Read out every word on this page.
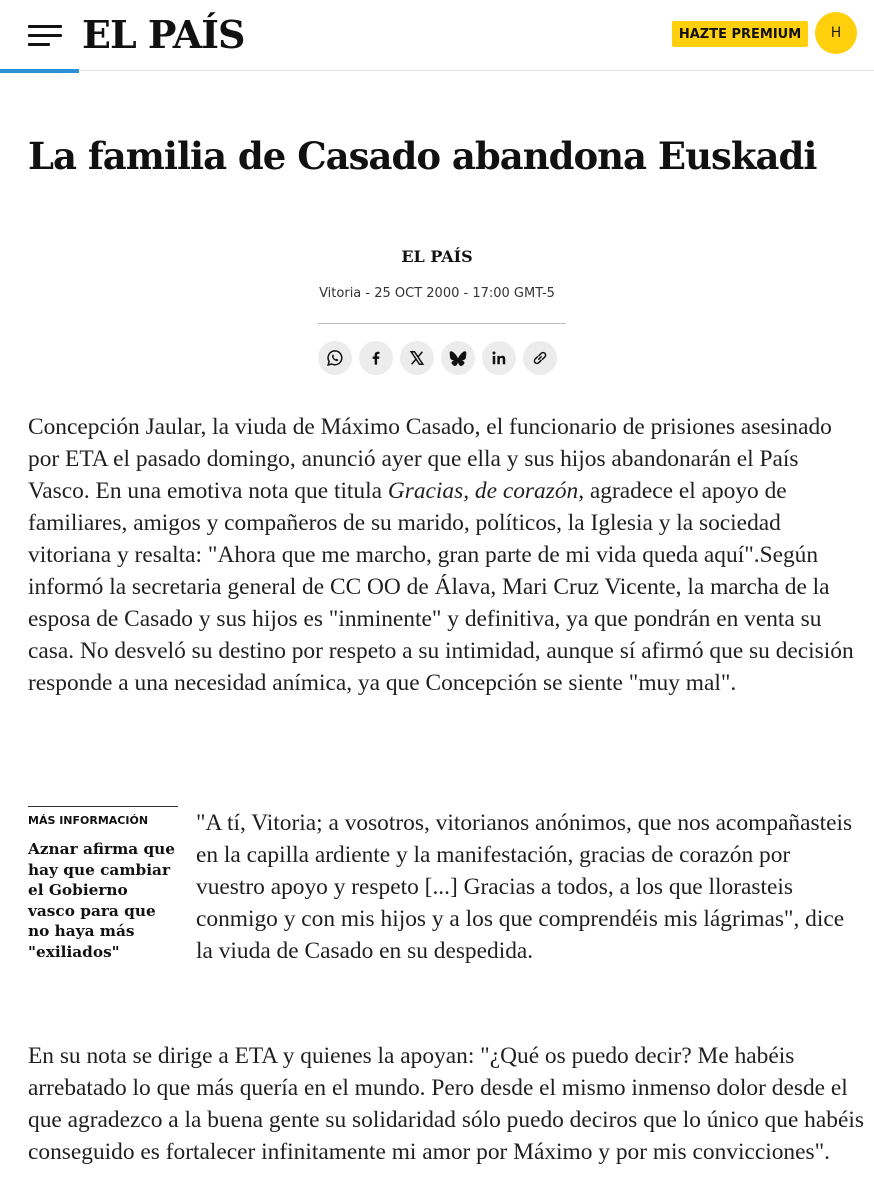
EL PAÍS	HAZTE PREMIUM	H
La familia de Casado abandona Euskadi
EL PAÍS
Vitoria - 25 OCT 2000 - 17:00 GMT-5

Concepción Jaular, la viuda de Máximo Casado, el funcionario de prisiones asesinado por ETA el pasado domingo, anunció ayer que ella y sus hijos abandonarán el País Vasco. En una emotiva nota que titula Gracias, de corazón, agradece el apoyo de familiares, amigos y compañeros de su marido, políticos, la Iglesia y la sociedad vitoriana y resalta: "Ahora que me marcho, gran parte de mi vida queda aquí".Según informó la secretaria general de CC OO de Álava, Mari Cruz Vicente, la marcha de la esposa de Casado y sus hijos es "inminente" y definitiva, ya que pondrán en venta su casa. No desveló su destino por respeto a su intimidad, aunque sí afirmó que su decisión responde a una necesidad anímica, ya que Concepción se siente "muy mal".

MÁS INFORMACIÓN
Aznar afirma que hay que cambiar el Gobierno vasco para que no haya más "exiliados"

"A tí, Vitoria; a vosotros, vitorianos anónimos, que nos acompañasteis en la capilla ardiente y la manifestación, gracias de corazón por vuestro apoyo y respeto [...] Gracias a todos, a los que llorasteis conmigo y con mis hijos y a los que comprendéis mis lágrimas", dice la viuda de Casado en su despedida.

En su nota se dirige a ETA y quienes la apoyan: "¿Qué os puedo decir? Me habéis arrebatado lo que más quería en el mundo. Pero desde el mismo inmenso dolor desde el que agradezco a la buena gente su solidaridad sólo puedo deciros que lo único que habéis conseguido es fortalecer infinitamente mi amor por Máximo y por mis convicciones".
